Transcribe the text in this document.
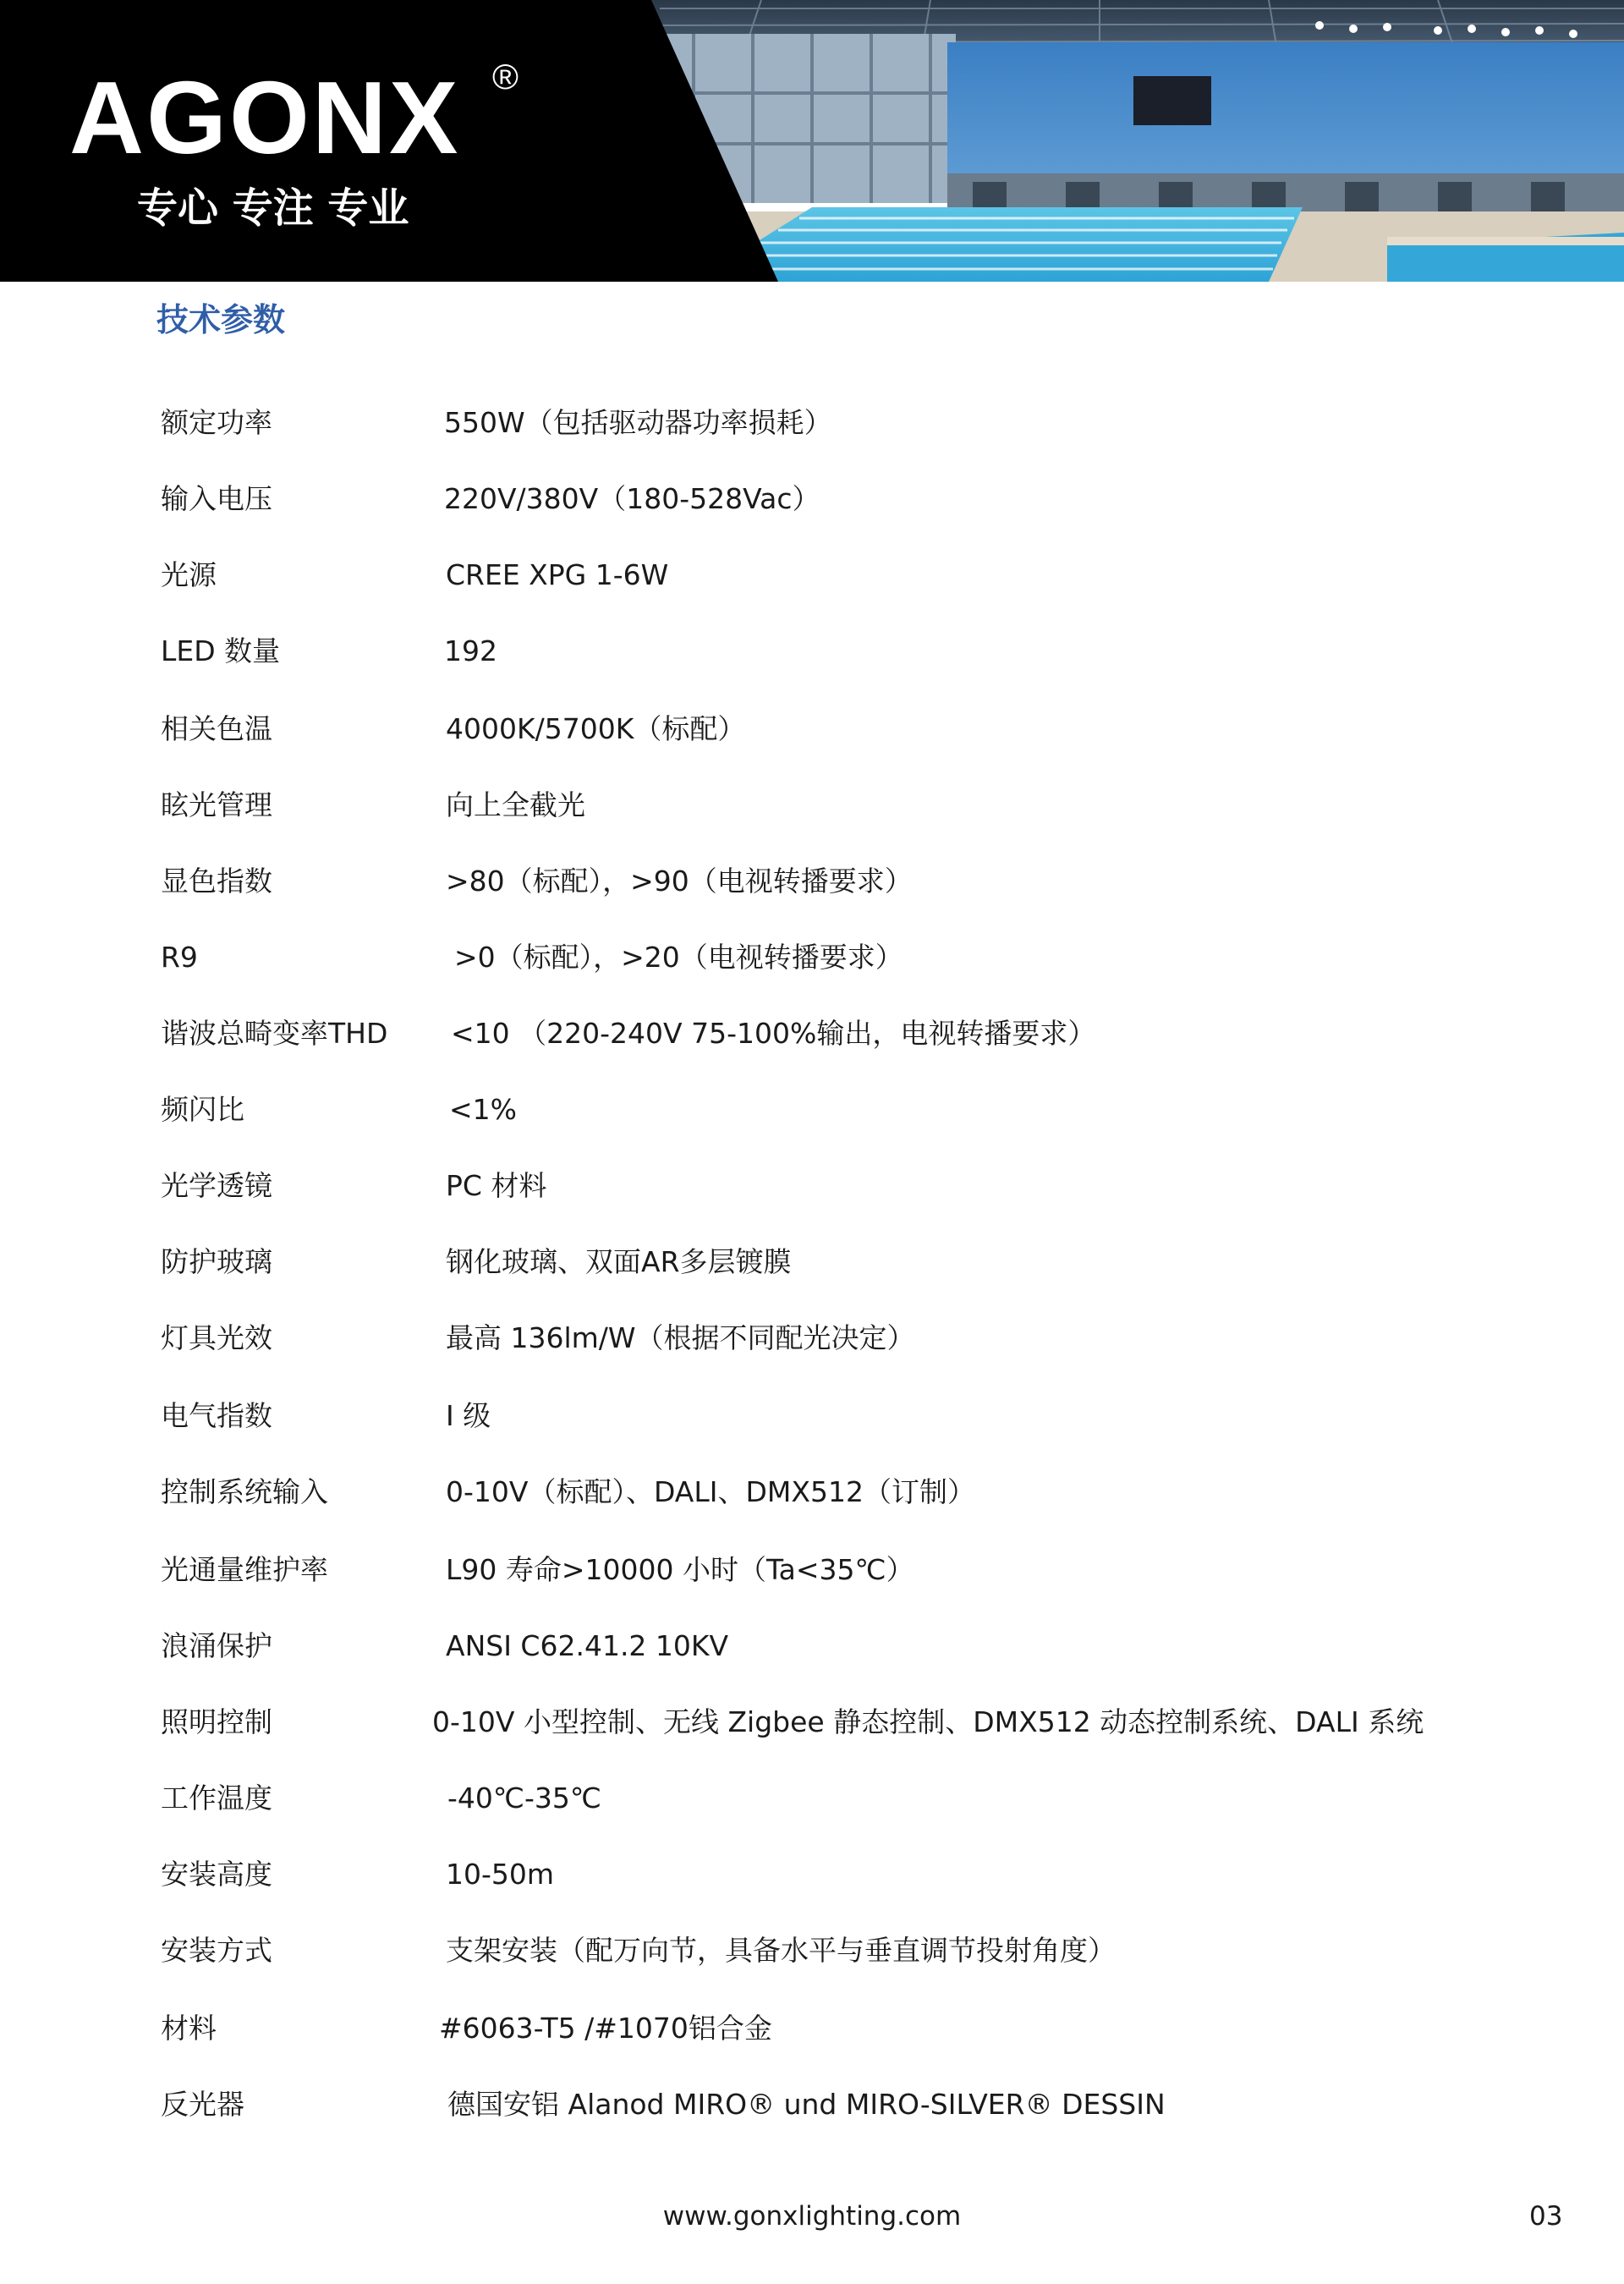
AGONX ®
专心 专注 专业
技术参数
额定功率	550W（包括驱动器功率损耗）
输入电压	220V/380V（180-528Vac）
光源	CREE XPG 1-6W
LED 数量	192
相关色温	4000K/5700K（标配）
眩光管理	向上全截光
显色指数	>80（标配），>90（电视转播要求）
R9	>0（标配），>20（电视转播要求）
谐波总畸变率THD <10 （220-240V 75-100%输出，电视转播要求）
频闪比	<1%
光学透镜	PC 材料
防护玻璃	钢化玻璃、双面AR多层镀膜
灯具光效	最高 136lm/W（根据不同配光决定）
电气指数	I 级
控制系统输入	0-10V（标配）、DALI、DMX512（订制）
光通量维护率	L90 寿命>10000 小时（Ta<35℃）
浪涌保护	ANSI C62.41.2 10KV
照明控制	0-10V 小型控制、无线 Zigbee 静态控制、DMX512 动态控制系统、DALI 系统
工作温度	-40℃-35℃
安装高度	10-50m
安装方式	支架安装（配万向节，具备水平与垂直调节投射角度）
材料	#6063-T5 /#1070铝合金
反光器	德国安铝 Alanod MIRO® und MIRO-SILVER® DESSIN
www.gonxlighting.com	03
